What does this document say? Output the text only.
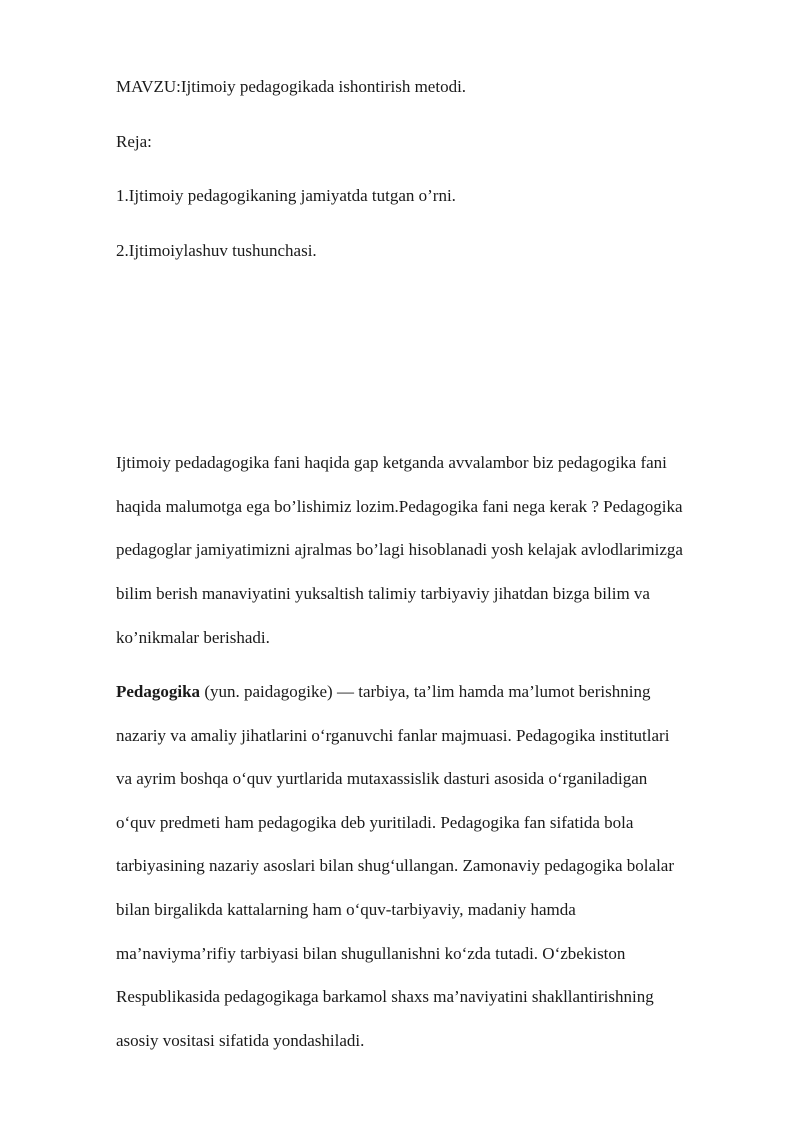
MAVZU:Ijtimoiy pedagogikada ishontirish metodi.
Reja:
1.Ijtimoiy pedagogikaning jamiyatda tutgan o’rni.
2.Ijtimoiylashuv tushunchasi.

Ijtimoiy pedadagogika fani haqida gap ketganda avvalambor biz pedagogika fani
haqida malumotga ega bo’lishimiz lozim.Pedagogika fani nega kerak ? Pedagogika
pedagoglar jamiyatimizni ajralmas bo’lagi hisoblanadi yosh kelajak avlodlarimizga
bilim berish manaviyatini yuksaltish talimiy tarbiyaviy jihatdan bizga bilim va
ko’nikmalar berishadi.

Pedagogika (yun. paidagogike) — tarbiya, ta’lim hamda ma’lumot berishning
nazariy va amaliy jihatlarini o‘rganuvchi fanlar majmuasi. Pedagogika institutlari
va ayrim boshqa o‘quv yurtlarida mutaxassislik dasturi asosida o‘rganiladigan
o‘quv predmeti ham pedagogika deb yuritiladi. Pedagogika fan sifatida bola
tarbiyasining nazariy asoslari bilan shug‘ullangan. Zamonaviy pedagogika bolalar
bilan birgalikda kattalarning ham o‘quv-tarbiyaviy, madaniy hamda
ma’naviyma’rifiy tarbiyasi bilan shugullanishni ko‘zda tutadi. O‘zbekiston
Respublikasida pedagogikaga barkamol shaxs ma’naviyatini shakllantirishning
asosiy vositasi sifatida yondashiladi.
